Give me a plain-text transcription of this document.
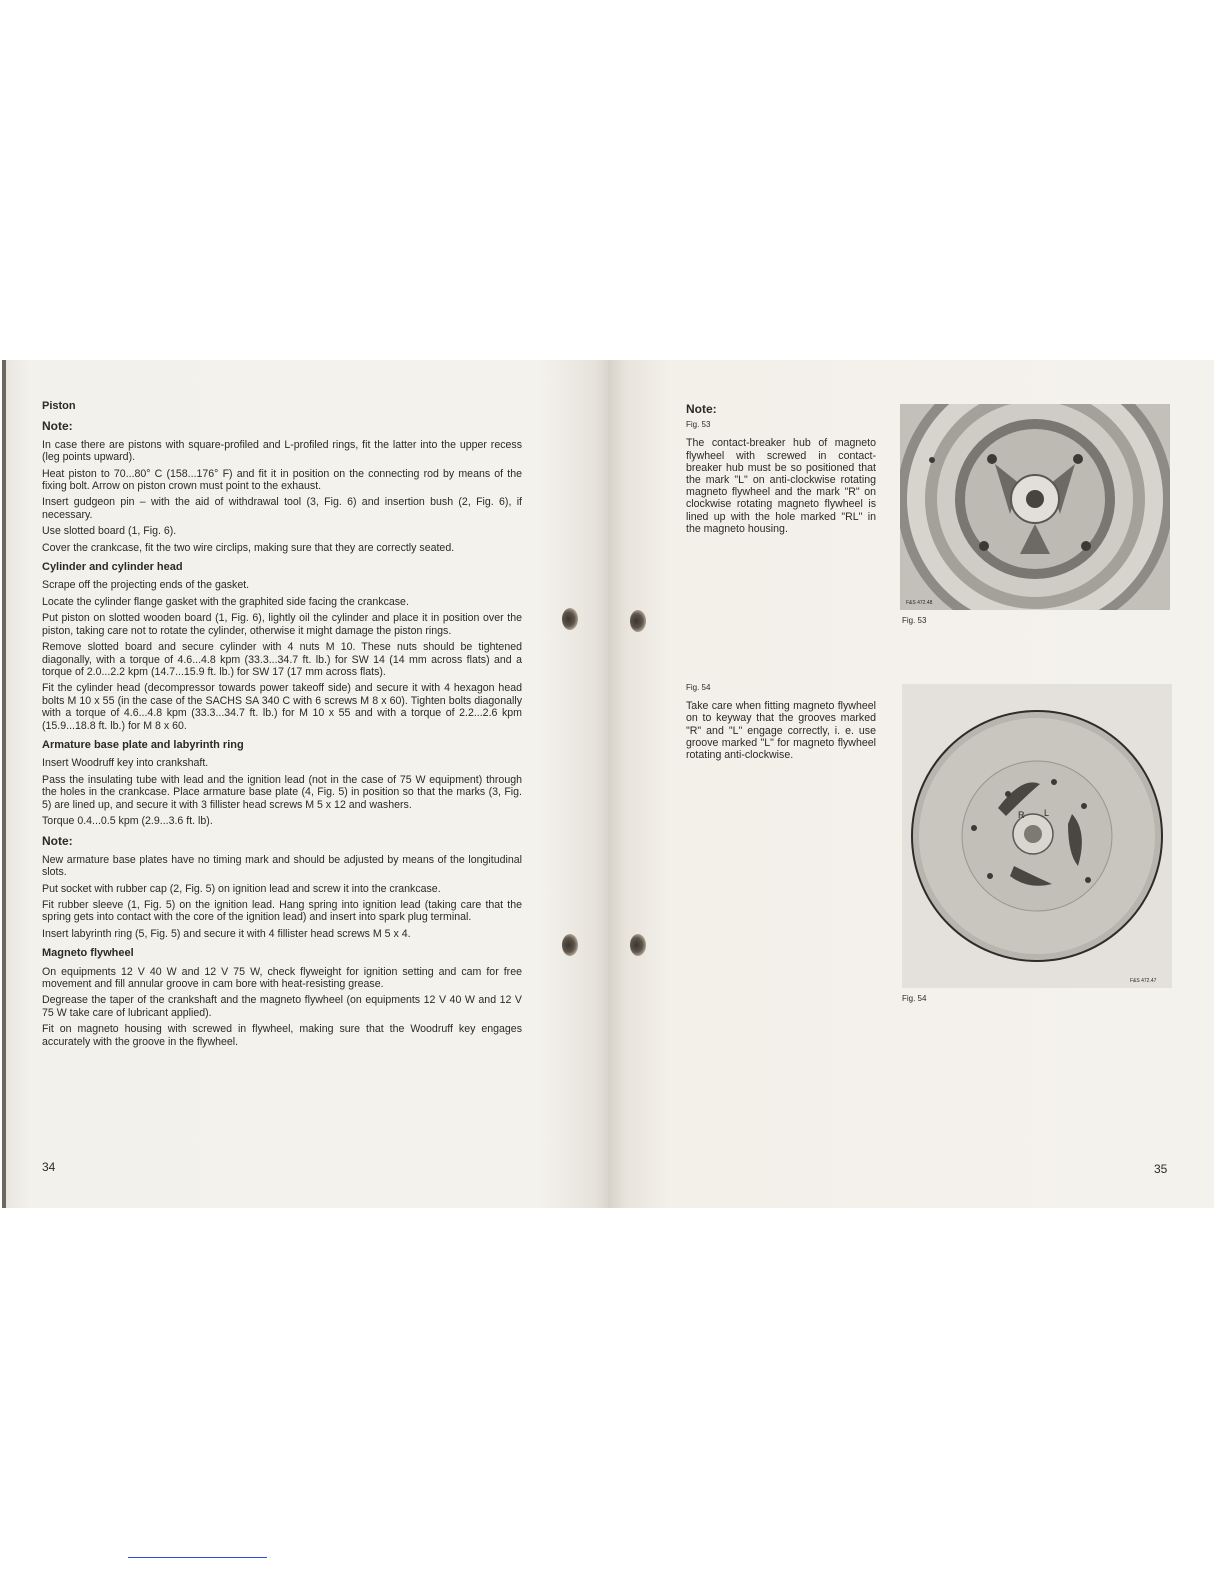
Piston
Note:

In case there are pistons with square-profiled and L-profiled rings, fit the latter into the upper recess (leg points upward).

Heat piston to 70...80° C (158...176° F) and fit it in position on the connecting rod by means of the fixing bolt. Arrow on piston crown must point to the exhaust.

Insert gudgeon pin – with the aid of withdrawal tool (3, Fig. 6) and insertion bush (2, Fig. 6), if necessary.

Use slotted board (1, Fig. 6).

Cover the crankcase, fit the two wire circlips, making sure that they are correctly seated.

Cylinder and cylinder head

Scrape off the projecting ends of the gasket.

Locate the cylinder flange gasket with the graphited side facing the crankcase.

Put piston on slotted wooden board (1, Fig. 6), lightly oil the cylinder and place it in position over the piston, taking care not to rotate the cylinder, otherwise it might damage the piston rings.

Remove slotted board and secure cylinder with 4 nuts M 10. These nuts should be tightened diagonally, with a torque of 4.6...4.8 kpm (33.3...34.7 ft. lb.) for SW 14 (14 mm across flats) and a torque of 2.0...2.2 kpm (14.7...15.9 ft. lb.) for SW 17 (17 mm across flats).

Fit the cylinder head (decompressor towards power takeoff side) and secure it with 4 hexagon head bolts M 10 x 55 (in the case of the SACHS SA 340 C with 6 screws M 8 x 60). Tighten bolts diagonally with a torque of 4.6...4.8 kpm (33.3...34.7 ft. lb.) for M 10 x 55 and with a torque of 2.2...2.6 kpm (15.9...18.8 ft. lb.) for M 8 x 60.

Armature base plate and labyrinth ring

Insert Woodruff key into crankshaft.

Pass the insulating tube with lead and the ignition lead (not in the case of 75 W equipment) through the holes in the crankcase. Place armature base plate (4, Fig. 5) in position so that the marks (3, Fig. 5) are lined up, and secure it with 3 fillister head screws M 5 x 12 and washers.

Torque 0.4...0.5 kpm (2.9...3.6 ft. lb).

Note:

New armature base plates have no timing mark and should be adjusted by means of the longitudinal slots.

Put socket with rubber cap (2, Fig. 5) on ignition lead and screw it into the crankcase.

Fit rubber sleeve (1, Fig. 5) on the ignition lead. Hang spring into ignition lead (taking care that the spring gets into contact with the core of the ignition lead) and insert into spark plug terminal.

Insert labyrinth ring (5, Fig. 5) and secure it with 4 fillister head screws M 5 x 4.

Magneto flywheel

On equipments 12 V 40 W and 12 V 75 W, check flyweight for ignition setting and cam for free movement and fill annular groove in cam bore with heat-resisting grease.

Degrease the taper of the crankshaft and the magneto flywheel (on equipments 12 V 40 W and 12 V 75 W take care of lubricant applied).

Fit on magneto housing with screwed in flywheel, making sure that the Woodruff key engages accurately with the groove in the flywheel.

34
Note:

Fig. 53

The contact-breaker hub of magneto flywheel with screwed in contact-breaker hub must be so positioned that the mark "L" on anti-clockwise rotating magneto flywheel and the mark "R" on clockwise rotating magneto flywheel is lined up with the hole marked "RL" in the magneto housing.

Fig. 54

Take care when fitting magneto flywheel on to keyway that the grooves marked "R" and "L" engage correctly, i. e. use groove marked "L" for magneto flywheel rotating anti-clockwise.

F&S 472.48
Fig. 53
R L
F&S 472.47
Fig. 54
35
